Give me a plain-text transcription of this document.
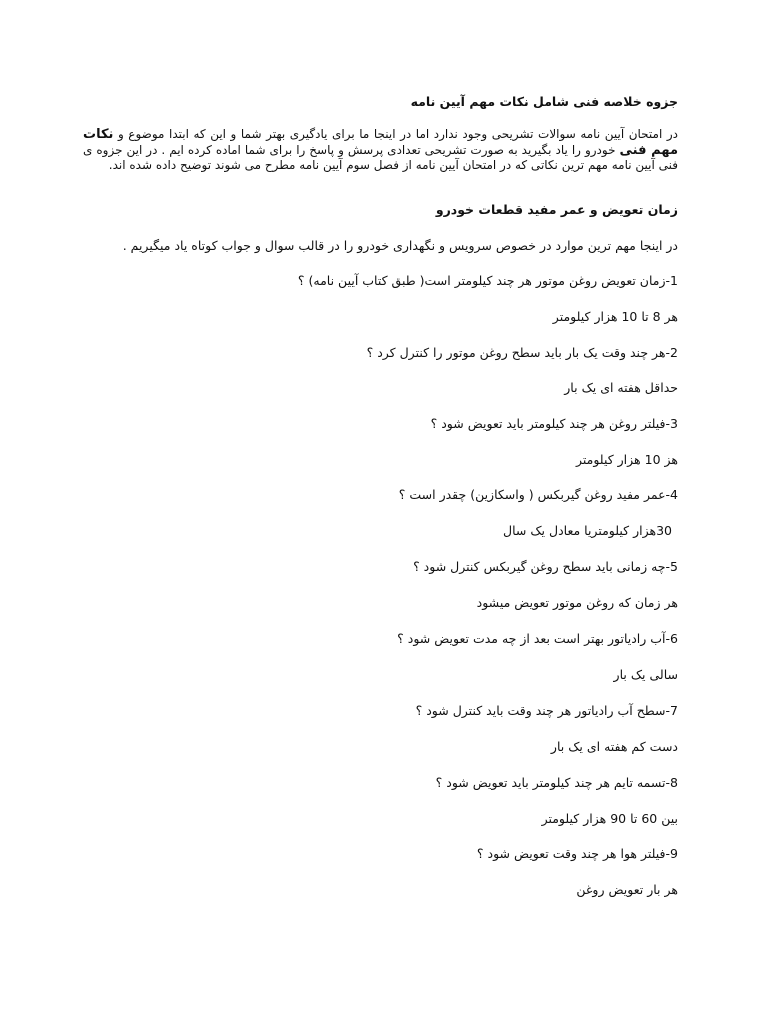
جزوه خلاصه فنی شامل نکات مهم آیین نامه
در امتحان آیین نامه سوالات تشریحی وجود ندارد اما در اینجا ما برای یادگیری بهتر شما و این که ابتدا موضوع و نکات مهم فنی خودرو را یاد بگیرید به صورت تشریحی تعدادی پرسش و پاسخ را برای شما اماده کرده ایم . در این جزوه ی فنی آیین نامه مهم ترین نکاتی که در امتحان آیین نامه از فصل سوم آیین نامه مطرح می شوند توضیح داده شده اند.
زمان تعویض و عمر مفید قطعات خودرو
در اینجا مهم ترین موارد در خصوص سرویس و نگهداری خودرو را در قالب سوال و جواب کوتاه یاد میگیریم .
1-زمان تعویض روغن موتور هر چند کیلومتر است( طبق کتاب آیین نامه) ؟
هر 8 تا 10 هزار کیلومتر
2-هر چند وقت یک بار باید سطح روغن موتور را کنترل کرد ؟
حداقل هفته ای یک بار
3-فیلتر روغن هر چند کیلومتر باید تعویض شود ؟
هز 10 هزار کیلومتر
4-عمر مفید روغن گیربکس ( واسکازین) چقدر است ؟
30هزار کیلومتریا معادل یک سال
5-چه زمانی باید سطح روغن گیربکس کنترل شود ؟
هر زمان که روغن موتور تعویض میشود
6-آب رادیاتور بهتر است بعد از چه مدت تعویض شود ؟
سالی یک بار
7-سطح آب رادیاتور هر چند وقت باید کنترل شود ؟
دست کم هفته ای یک بار
8-تسمه تایم هر چند کیلومتر باید تعویض شود ؟
بین 60 تا 90 هزار کیلومتر
9-فیلتر هوا هر چند وقت تعویض شود ؟
هر بار تعویض روغن
